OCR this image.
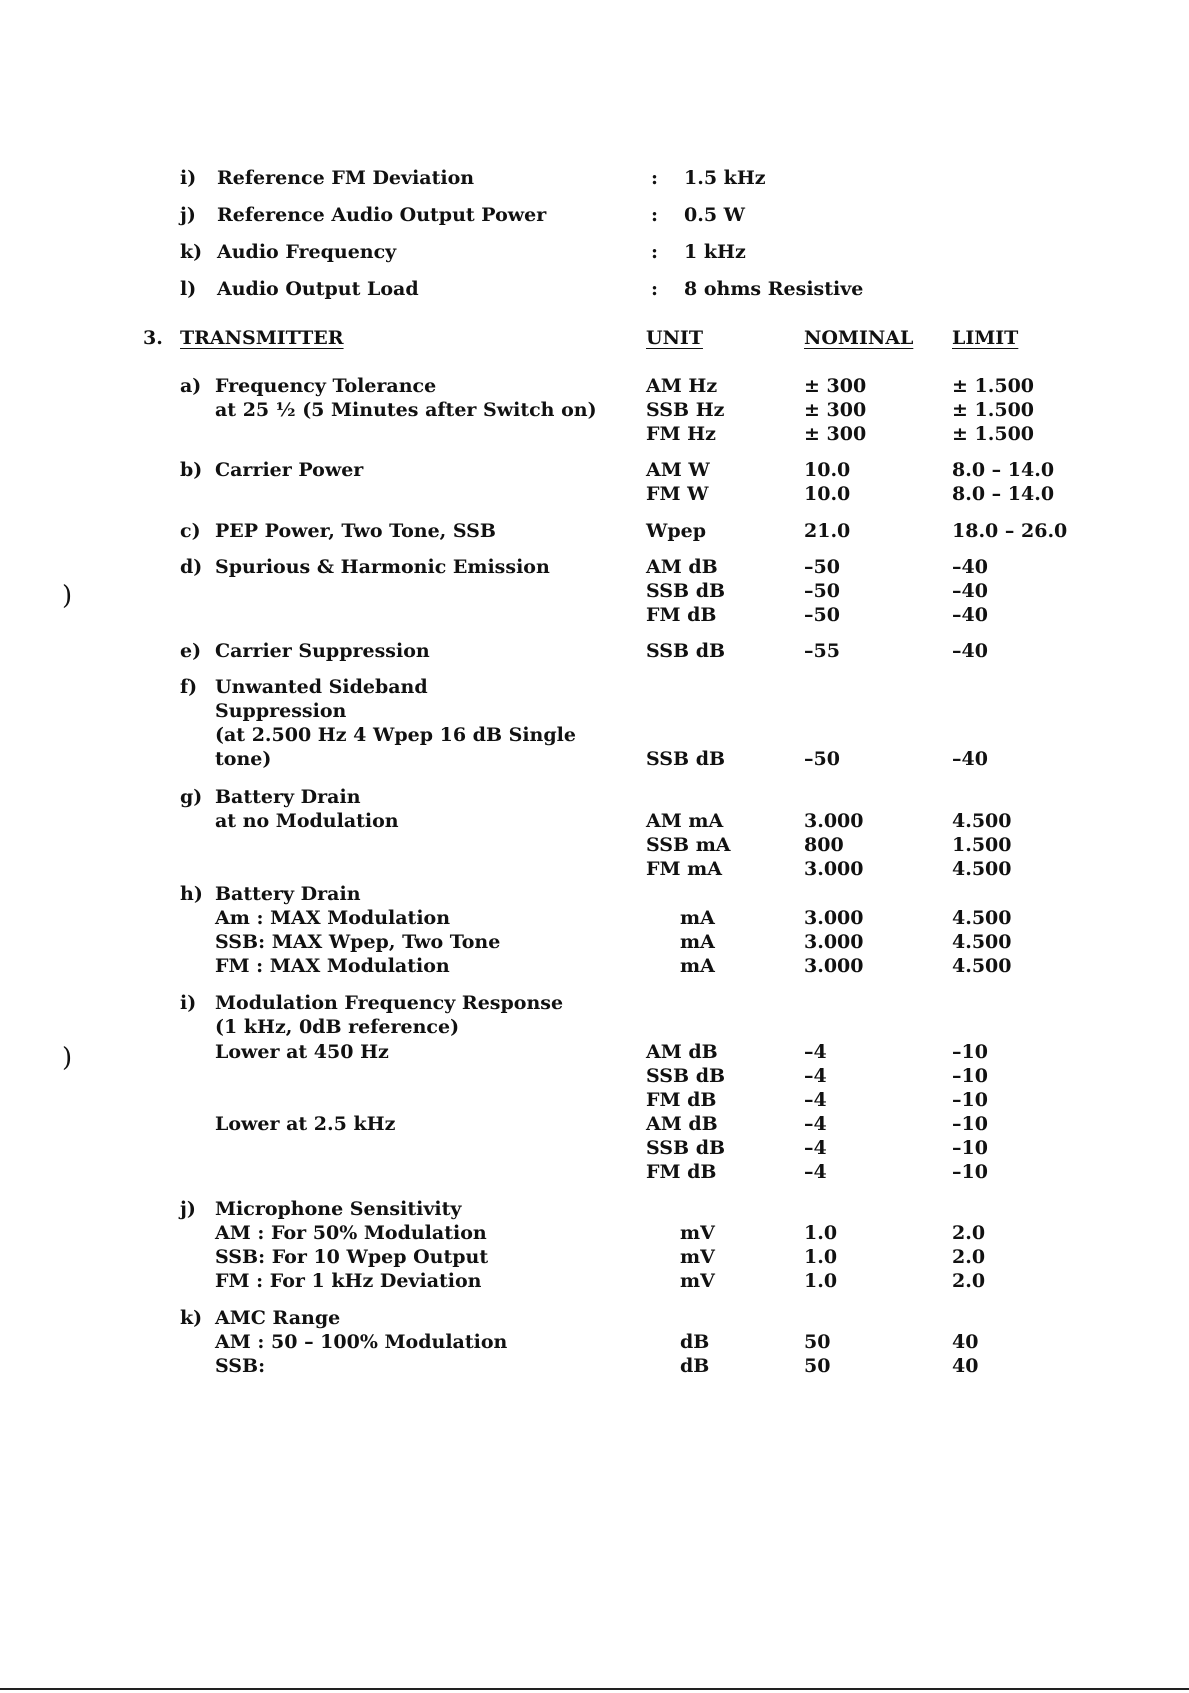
i) Reference FM Deviation	: 1.5 kHz
j) Reference Audio Output Power	: 0.5 W
k) Audio Frequency	: 1 kHz
l) Audio Output Load	: 8 ohms Resistive
3. TRANSMITTER	UNIT	NOMINAL LIMIT
a) Frequency Tolerance	AM Hz	± 300	± 1.500
at 25 ½ (5 Minutes after Switch on)	SSB Hz	± 300	± 1.500
FM Hz	± 300	± 1.500
b) Carrier Power	AM W	10.0	8.0 – 14.0
FM W	10.0	8.0 – 14.0
c) PEP Power, Two Tone, SSB	Wpep	21.0	18.0 – 26.0
d) Spurious & Harmonic Emission	AM dB	–50	–40
SSB dB	–50	–40
FM dB	–50	–40
e) Carrier Suppression	SSB dB	–55	–40
f) Unwanted Sideband
Suppression
(at 2.500 Hz 4 Wpep 16 dB Single
tone)	SSB dB	–50	–40
g) Battery Drain
at no Modulation	AM mA	3.000	4.500
SSB mA	800	1.500
FM mA	3.000	4.500
h) Battery Drain
Am : MAX Modulation	mA	3.000	4.500
SSB: MAX Wpep, Two Tone	mA	3.000	4.500
FM : MAX Modulation	mA	3.000	4.500
i) Modulation Frequency Response
(1 kHz, 0dB reference)
Lower at 450 Hz	AM dB	–4	–10
SSB dB	–4	–10
FM dB	–4	–10
Lower at 2.5 kHz	AM dB	–4	–10
SSB dB	–4	–10
FM dB	–4	–10
j) Microphone Sensitivity
AM : For 50% Modulation	mV	1.0	2.0
SSB: For 10 Wpep Output	mV	1.0	2.0
FM : For 1 kHz Deviation	mV	1.0	2.0
k) AMC Range
AM : 50 – 100% Modulation	dB	50	40
SSB:	dB	50	40
)
)
